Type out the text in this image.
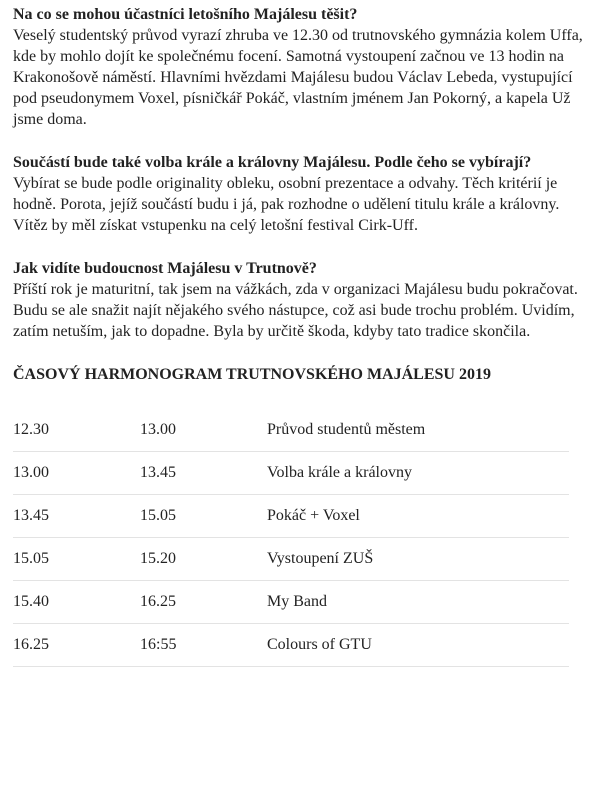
Na co se mohou účastníci letošního Majálesu těšit?

Veselý studentský průvod vyrazí zhruba ve 12.30 od trutnovského gymnázia kolem Uffa, kde by mohlo dojít ke společnému focení. Samotná vystoupení začnou ve 13 hodin na Krakonošově náměstí. Hlavními hvězdami Majálesu budou Václav Lebeda, vystupující pod pseudonymem Voxel, písničkář Pokáč, vlastním jménem Jan Pokorný, a kapela Už jsme doma.

Součástí bude také volba krále a královny Majálesu. Podle čeho se vybírají?

Vybírat se bude podle originality obleku, osobní prezentace a odvahy. Těch kritérií je hodně. Porota, jejíž součástí budu i já, pak rozhodne o udělení titulu krále a královny. Vítěz by měl získat vstupenku na celý letošní festival Cirk-Uff.

Jak vidíte budoucnost Majálesu v Trutnově?

Příští rok je maturitní, tak jsem na vážkách, zda v organizaci Majálesu budu pokračovat. Budu se ale snažit najít nějakého svého nástupce, což asi bude trochu problém. Uvidím, zatím netuším, jak to dopadne. Byla by určitě škoda, kdyby tato tradice skončila.

ČASOVÝ HARMONOGRAM TRUTNOVSKÉHO MAJÁLESU 2019
12.30	13.00	Průvod studentů městem
13.00	13.45	Volba krále a královny
13.45	15.05	Pokáč + Voxel
15.05	15.20	Vystoupení ZUŠ
15.40	16.25	My Band
16.25	16:55	Colours of GTU
